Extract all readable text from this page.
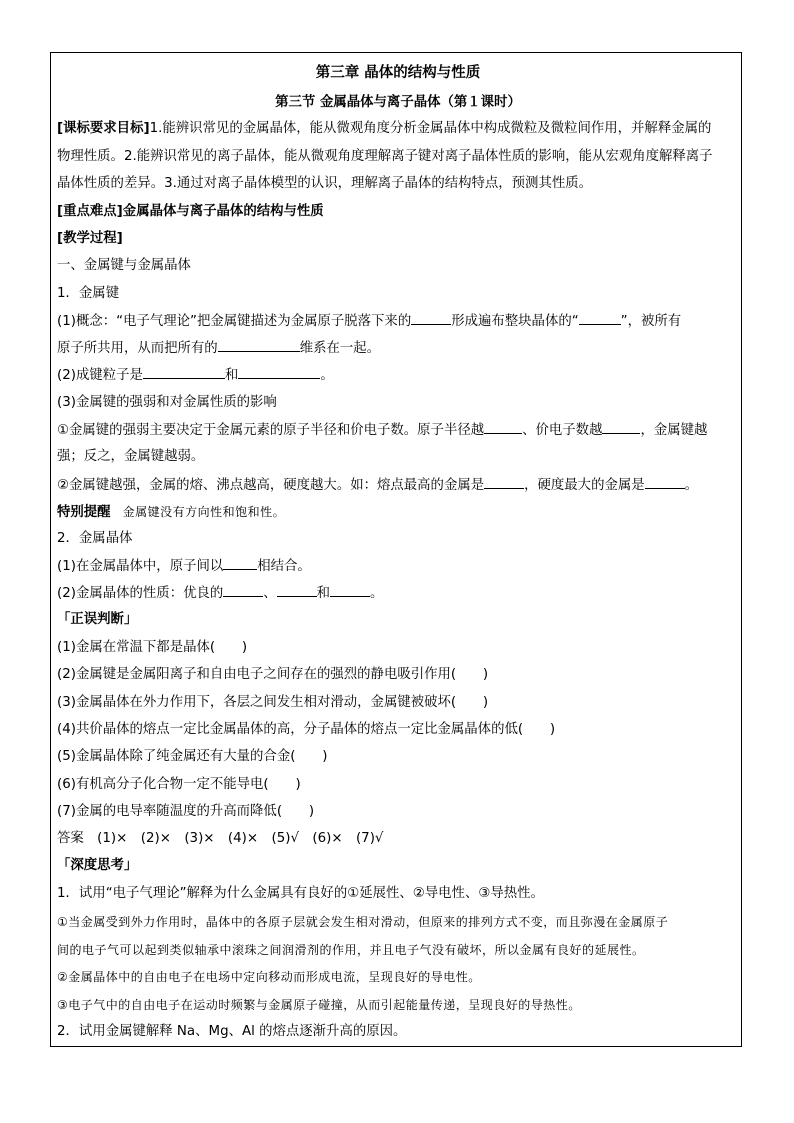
第三章 晶体的结构与性质
第三节 金属晶体与离子晶体（第１课时）
[课标要求目标]1.能辨识常见的金属晶体，能从微观角度分析金属晶体中构成微粒及微粒间作用，并解释金属的
物理性质。2.能辨识常见的离子晶体，能从微观角度理解离子键对离子晶体性质的影响，能从宏观角度解释离子
晶体性质的差异。3.通过对离子晶体模型的认识，理解离子晶体的结构特点，预测其性质。
[重点难点]金属晶体与离子晶体的结构与性质
[教学过程]
一、金属键与金属晶体
1．金属键
(1)概念：“电子气理论”把金属键描述为金属原子脱落下来的	形成遍布整块晶体的“	”，被所有
原子所共用，从而把所有的	维系在一起。
(2)成键粒子是	和	。
(3)金属键的强弱和对金属性质的影响
①金属键的强弱主要决定于金属元素的原子半径和价电子数。原子半径越	、价电子数越	，金属键越
强；反之，金属键越弱。
②金属键越强，金属的熔、沸点越高，硬度越大。如：熔点最高的金属是	，硬度最大的金属是	。
特别提醒 金属键没有方向性和饱和性。
2．金属晶体
(1)在金属晶体中，原子间以	相结合。
(2)金属晶体的性质：优良的	、	和	。
「正误判断」
(1)金属在常温下都是晶体(　　)
(2)金属键是金属阳离子和自由电子之间存在的强烈的静电吸引作用(　　)
(3)金属晶体在外力作用下，各层之间发生相对滑动，金属键被破坏(　　)
(4)共价晶体的熔点一定比金属晶体的高，分子晶体的熔点一定比金属晶体的低(　　)
(5)金属晶体除了纯金属还有大量的合金(　　)
(6)有机高分子化合物一定不能导电(　　)
(7)金属的电导率随温度的升高而降低(　　)
答案　(1)×　(2)×　(3)×　(4)×　(5)√　(6)×　(7)√
「深度思考」
1．试用“电子气理论”解释为什么金属具有良好的①延展性、②导电性、③导热性。
①当金属受到外力作用时，晶体中的各原子层就会发生相对滑动，但原来的排列方式不变，而且弥漫在金属原子
间的电子气可以起到类似轴承中滚珠之间润滑剂的作用，并且电子气没有破坏，所以金属有良好的延展性。
②金属晶体中的自由电子在电场中定向移动而形成电流，呈现良好的导电性。
③电子气中的自由电子在运动时频繁与金属原子碰撞，从而引起能量传递，呈现良好的导热性。
2．试用金属键解释 Na、Mg、Al 的熔点逐渐升高的原因。
